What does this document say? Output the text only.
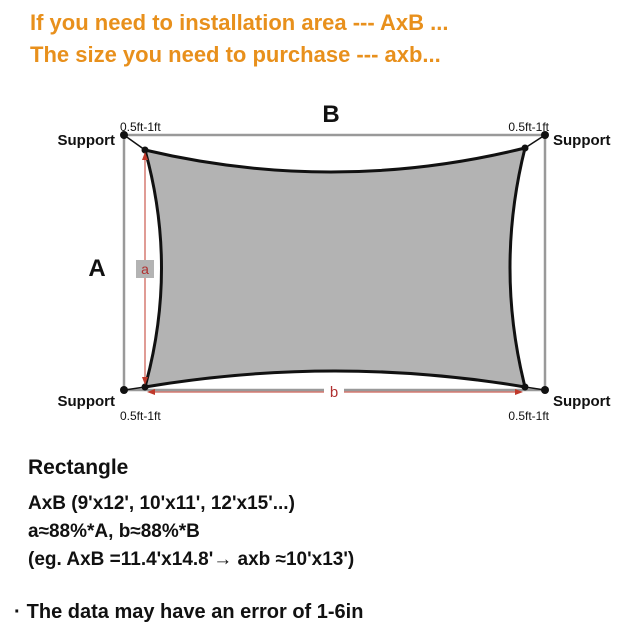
If you need to installation area --- AxB ...
The size you need to purchase --- axb...
a
b
B
A
Support	Support
Support	Support
0.5ft-1ft	0.5ft-1ft
0.5ft-1ft	0.5ft-1ft
Rectangle
AxB (9'x12', 10'x11', 12'x15'...)
a≈88%*A, b≈88%*B
(eg. AxB =11.4'x14.8'→ axb ≈10'x13')
· The data may have an error of 1-6in
